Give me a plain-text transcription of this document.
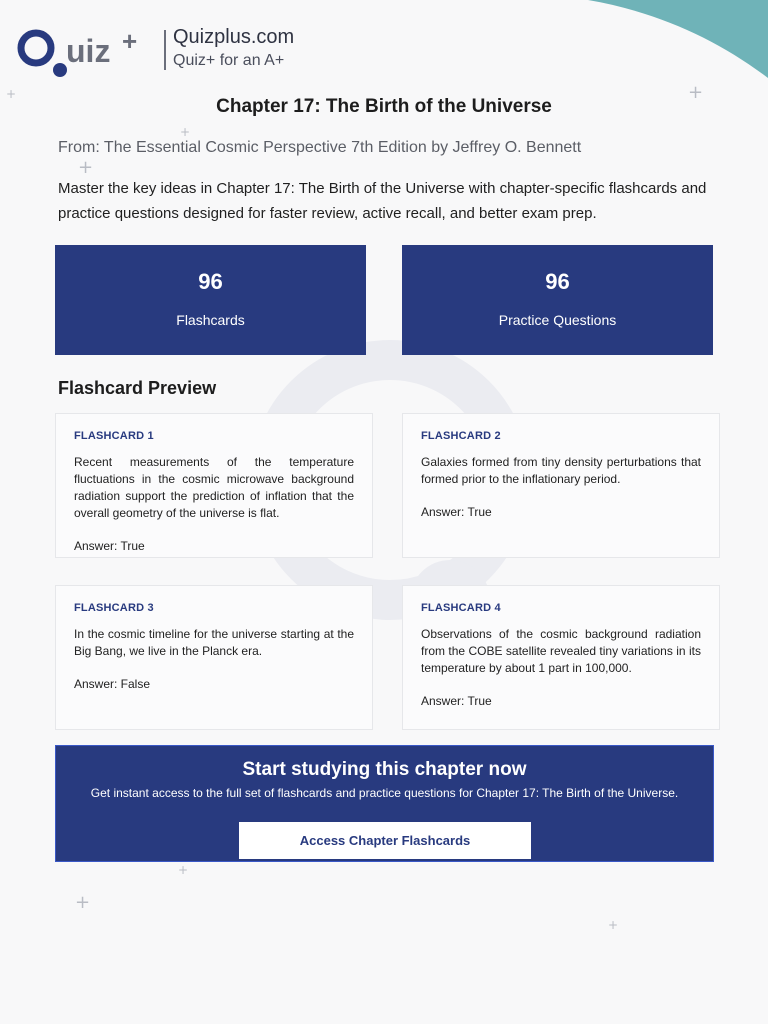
+
+
+
+
+
+
+
uiz + Quizplus.com
Quiz+ for an A+
Chapter 17: The Birth of the Universe
From: The Essential Cosmic Perspective 7th Edition by Jeffrey O. Bennett

Master the key ideas in Chapter 17: The Birth of the Universe with chapter-specific flashcards and practice questions designed for faster review, active recall, and better exam prep.

96
Flashcards
96
Practice Questions
Flashcard Preview
FLASHCARD 1
Recent measurements of the temperature fluctuations in the cosmic microwave background radiation support the prediction of inflation that the overall geometry of the universe is flat.
Answer: True
FLASHCARD 2
Galaxies formed from tiny density perturbations that formed prior to the inflationary period.
Answer: True
FLASHCARD 3
In the cosmic timeline for the universe starting at the Big Bang, we live in the Planck era.
Answer: False
FLASHCARD 4
Observations of the cosmic background radiation from the COBE satellite revealed tiny variations in its temperature by about 1 part in 100,000.
Answer: True
Start studying this chapter now
Get instant access to the full set of flashcards and practice questions for Chapter 17: The Birth of the Universe.
Access Chapter Flashcards
